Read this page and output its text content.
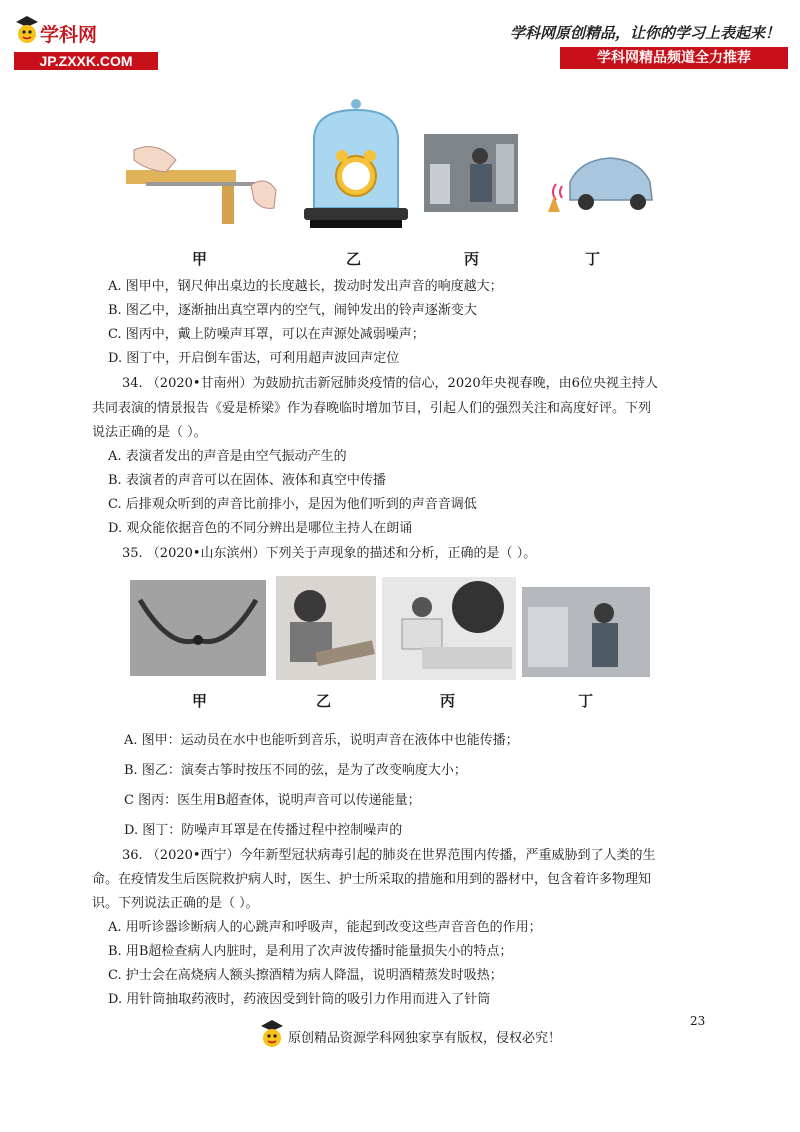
学科网
JP.ZXXK.COM
学科网原创精品，让你的学习上表起来！
学科网精品频道全力推荐
甲	乙	丙	丁
A. 图甲中，钢尺伸出桌边的长度越长，拨动时发出声音的响度越大；
B. 图乙中，逐渐抽出真空罩内的空气，闹钟发出的铃声逐渐变大
C. 图丙中，戴上防噪声耳罩，可以在声源处减弱噪声；
D. 图丁中，开启倒车雷达，可利用超声波回声定位
34. （2020•甘南州）为鼓励抗击新冠肺炎疫情的信心，2020年央视春晚，由6位央视主持人
共同表演的情景报告《爱是桥梁》作为春晚临时增加节目，引起人们的强烈关注和高度好评。下列
说法正确的是（ ）。
A. 表演者发出的声音是由空气振动产生的
B. 表演者的声音可以在固体、液体和真空中传播
C. 后排观众听到的声音比前排小，是因为他们听到的声音音调低
D. 观众能依据音色的不同分辨出是哪位主持人在朗诵
35. （2020•山东滨州）下列关于声现象的描述和分析，正确的是（ ）。
甲	乙	丙	丁
A. 图甲：运动员在水中也能听到音乐，说明声音在液体中也能传播；
B. 图乙：演奏古筝时按压不同的弦，是为了改变响度大小；
C 图丙：医生用B超查体，说明声音可以传递能量；
D. 图丁：防噪声耳罩是在传播过程中控制噪声的
36. （2020•西宁）今年新型冠状病毒引起的肺炎在世界范围内传播，严重威胁到了人类的生
命。在疫情发生后医院救护病人时，医生、护士所采取的措施和用到的器材中，包含着许多物理知
识。下列说法正确的是（ ）。
A. 用听诊器诊断病人的心跳声和呼吸声，能起到改变这些声音音色的作用；
B. 用B超检查病人内脏时，是利用了次声波传播时能量损失小的特点；
C. 护士会在高烧病人额头擦酒精为病人降温，说明酒精蒸发时吸热；
D. 用针筒抽取药液时，药液因受到针筒的吸引力作用而进入了针筒
23
原创精品资源学科网独家享有版权，侵权必究！
